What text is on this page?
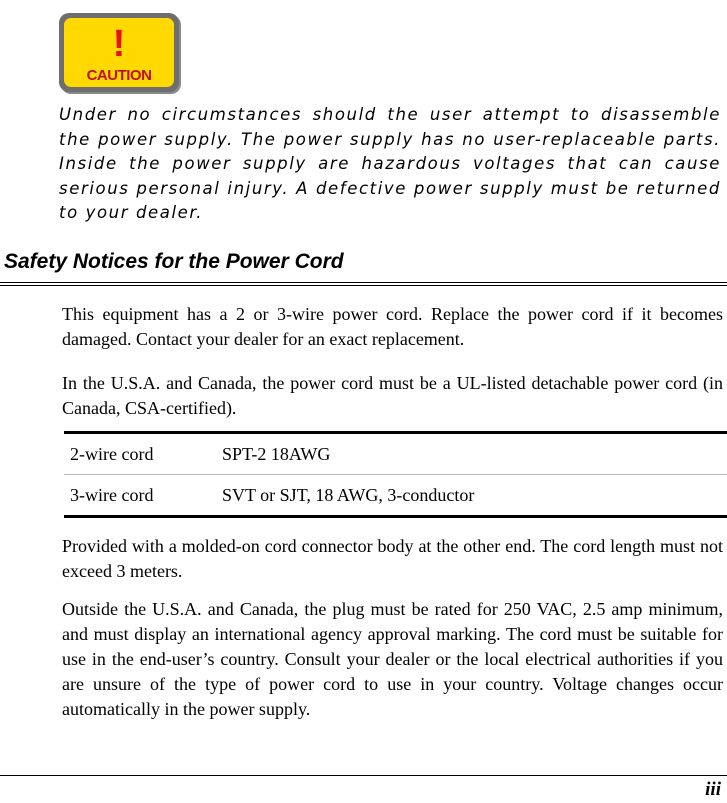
!
CAUTION

Under no circumstances should the user attempt to disassemble the power supply. The power supply has no user-replaceable parts. Inside the power supply are hazardous voltages that can cause serious personal injury. A defective power supply must be returned to your dealer.

Safety Notices for the Power Cord

This equipment has a 2 or 3-wire power cord. Replace the power cord if it becomes damaged. Contact your dealer for an exact replacement.

In the U.S.A. and Canada, the power cord must be a UL-listed detachable power cord (in Canada, CSA-certified).

2-wire cord	SPT-2 18AWG
3-wire cord	SVT or SJT, 18 AWG, 3-conductor

Provided with a molded-on cord connector body at the other end. The cord length must not exceed 3 meters.

Outside the U.S.A. and Canada, the plug must be rated for 250 VAC, 2.5 amp minimum, and must display an international agency approval marking. The cord must be suitable for use in the end-user’s country. Consult your dealer or the local electrical authorities if you are unsure of the type of power cord to use in your country. Voltage changes occur automatically in the power supply.

iii
